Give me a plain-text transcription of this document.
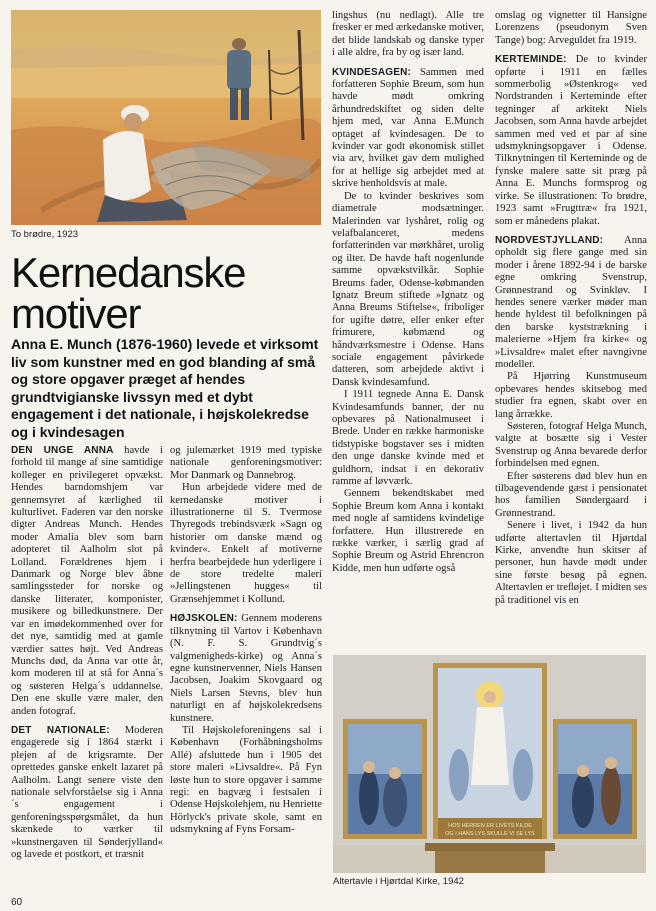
To brødre, 1923
Kernedanske
motiver
Anna E. Munch (1876-1960) levede et virksomt liv som kunstner med en god blanding af små og store opgaver præget af hendes grundtvigianske livssyn med et dybt engagement i det nationale, i højskolekredse og i kvindesagen

DEN UNGE ANNA havde i forhold til mange af sine samtidige kolleger en privilegeret opvækst. Hendes barndomshjem var gennemsyret af kærlighed til kulturlivet. Faderen var den norske digter Andreas Munch. Hendes moder Amalia blev som barn adopteret til Aalholm slot på Lolland. Forældrenes hjem i Danmark og Norge blev åbne samlingssteder for norske og danske litterater, komponister, musikere og billedkunstnere. Der var en imødekommenhed over for det nye, samtidig med at gamle værdier sattes højt. Ved Andreas Munchs død, da Anna var otte år, kom moderen til at stå for Anna´s og søsteren Helga´s uddannelse. Den ene skulle være maler, den anden fotograf.

DET NATIONALE: Moderen engagerede sig i 1864 stærkt i plejen af de krigsramte. Der oprettedes ganske enkelt lazaret på Aalholm. Langt senere viste den nationale selvforståelse sig i Anna´s engagement i genforeningsspørgsmålet, da hun skænkede to værker til »kunstnergaven til Sønderjylland« og lavede et postkort, et træsnit

og julemærket 1919 med typiske nationale genforeningsmotiver: Mor Danmark og Dannebrog.

Hun arbejdede videre med de kernedanske motiver i illustrationerne til S. Tvermose Thyregods trebindsværk »Sagn og historier om danske mænd og kvinder«. Enkelt af motiverne herfra bearbejdede hun yderligere i de store tredelte maleri »Jellingstenen hugges« til Grænsehjemmet i Kollund.

HØJSKOLEN: Gennem moderens tilknytning til Vartov i København (N. F. S. Grundtvig´s valgmenigheds-kirke) og Anna´s egne kunstnervenner, Niels Hansen Jacobsen, Joakim Skovgaard og Niels Larsen Stevns, blev hun naturligt en af højskolekredsens kunstnere.

Til Højskoleforeningens sal i København (Forhåbningsholms Allé) afsluttede hun i 1905 det store maleri »Livsaldre«. På Fyn løste hun to store opgaver i samme regi: en bagvæg i festsalen i Odense Højskolehjem, nu Henriette Hörlyck's private skole, samt en udsmykning af Fyns Forsam-

lingshus (nu nedlagt). Alle tre fresker er med ærkedanske motiver, det blide landskab og danske typer i alle aldre, fra by og især land.

KVINDESAGEN: Sammen med forfatteren Sophie Breum, som hun havde mødt omkring århundredskiftet og siden delte hjem med, var Anna E.Munch optaget af kvindesagen. De to kvinder var godt økonomisk stillet via arv, hvilket gav dem mulighed for at hellige sig arbejdet med at skrive henholdsvis at male.

De to kvinder beskrives som diametrale modsætninger. Malerinden var lyshåret, rolig og velafbalanceret, medens forfatterinden var mørkhåret, urolig og ilter. De havde haft nogenlunde samme opvækstvilkår. Sophie Breums fader, Odense-købmanden Ignatz Breum stiftede »Ignatz og Anna Breums Stiftelse«, friboliger for ugifte døtre, eller enker efter frimurere, købmænd og håndværksmestre i Odense. Hans sociale engagement påvirkede datteren, som arbejdede aktivt i Dansk kvindesamfund.

I 1911 tegnede Anna E. Dansk Kvindesamfunds banner, der nu opbevares på Nationalmuseet i Brede. Under en række harmoniske tidstypiske bogstaver ses i midten den unge danske kvinde med et guldhorn, indsat i en dekorativ ramme af løvværk.

Gennem bekendtskabet med Sophie Breum kom Anna i kontakt med nogle af samtidens kvindelige forfattere. Hun illustrerede en række værker, i særlig grad af Sophie Breum og Astrid Ehrencron Kidde, men hun udførte også

omslag og vignetter til Hansigne Lorenzens (pseudonym Sven Tange) bog: Arveguldet fra 1919.

KERTEMINDE: De to kvinder opførte i 1911 en fælles sommerbolig »Østenkrog« ved Nordstranden i Kerteminde efter tegninger af arkitekt Niels Jacobsen, som Anna havde arbejdet sammen med ved et par af sine udsmykningsopgaver i Odense. Tilknytningen til Kerteminde og de fynske malere satte sit præg på Anna E. Munchs formsprog og virke. Se illustrationen: To brødre, 1923 samt »Frugttræ« fra 1921, som er månedens plakat.

NORDVESTJYLLAND: Anna opholdt sig flere gange med sin moder i årene 1892-94 i de barske egne omkring Svenstrup, Grønnestrand og Svinkløv. I hendes senere værker møder man hende hyldest til befolkningen på den barske kyststrækning i malerierne »Hjem fra kirke« og »Livsaldre« malet efter navngivne modeller.

På Hjørring Kunstmuseum opbevares hendes skitsebog med studier fra egnen, skabt over en lang årrække.

Søsteren, fotograf Helga Munch, valgte at bosætte sig i Vester Svenstrup og Anna bevarede derfor forbindelsen med egnen.

Efter søsterens død blev hun en tilbagevendende gæst i pensionatet hos familien Søndergaard i Grønnestrand.

Senere i livet, i 1942 da hun udførte altertavlen til Hjørtdal Kirke, anvendte hun skitser af personer, hun havde mødt under sine første besøg på egnen. Altertavlen er treﬂøjet. I midten ses på traditionel vis en

HOS HERREN ER LIVETS KILDE
OG I HANS LYS SKULLE VI SE LYS
Altertavle i Hjørtdal Kirke, 1942
60
